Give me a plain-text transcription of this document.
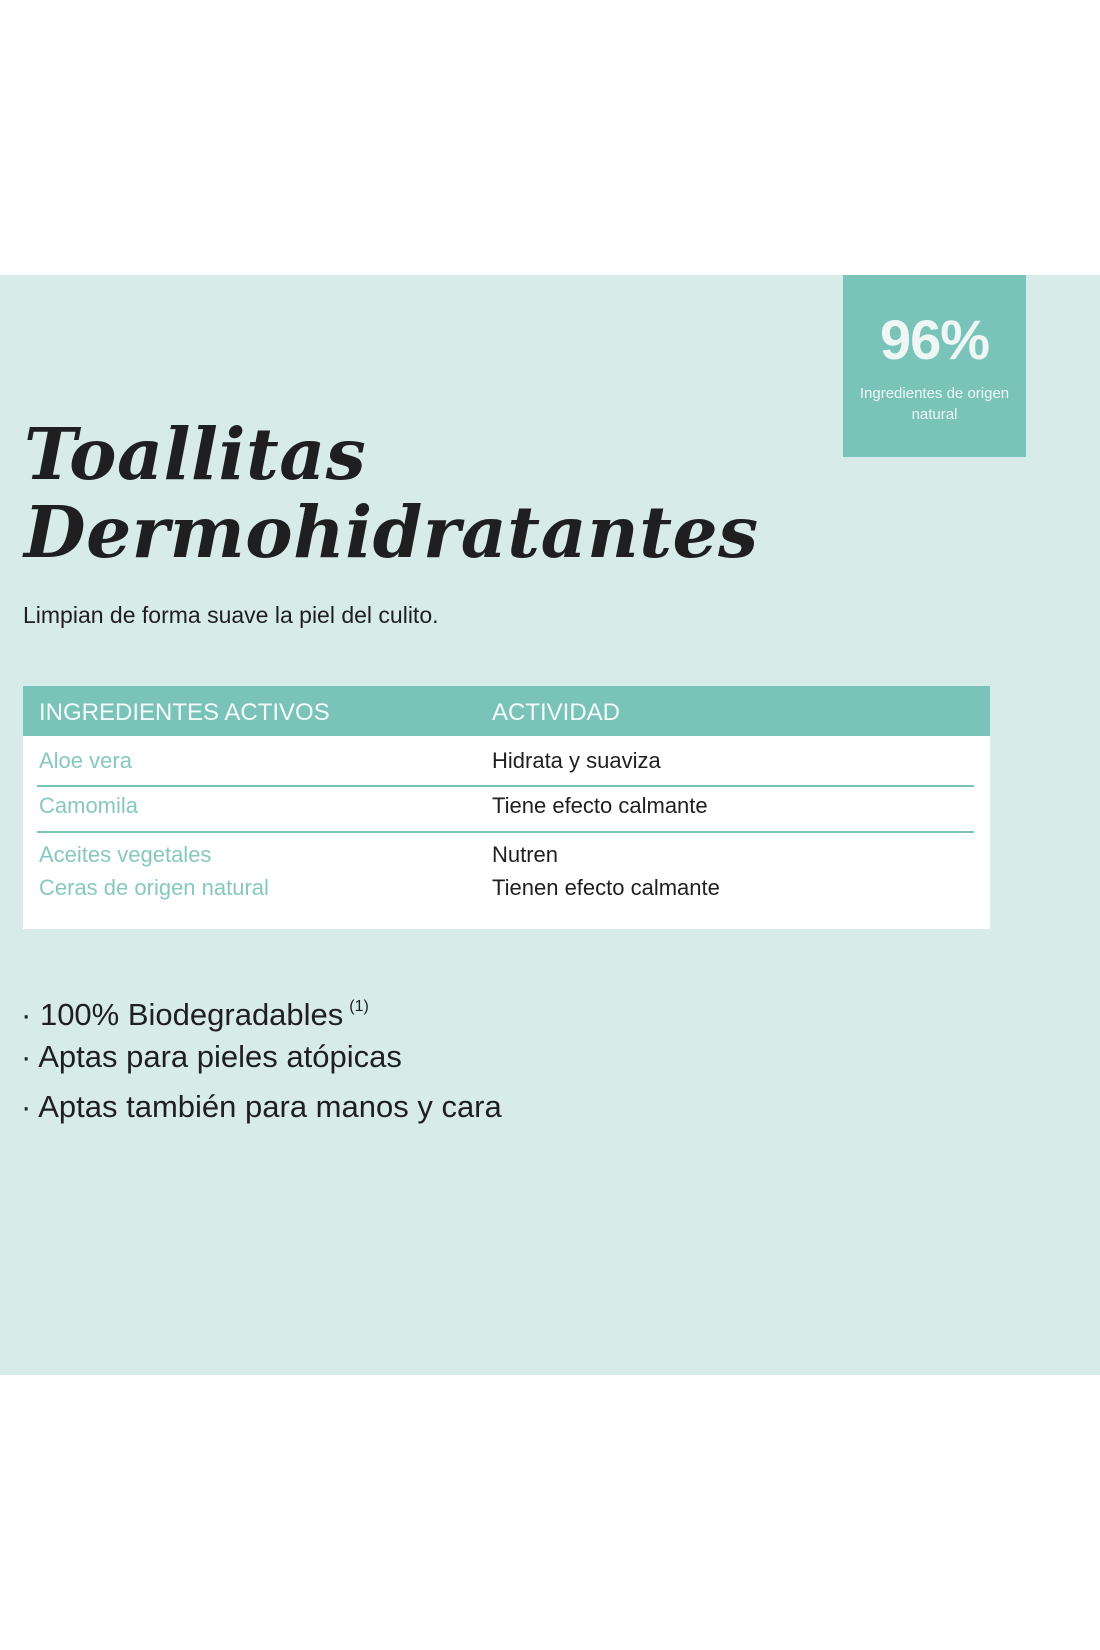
96%
Ingredientes de origen natural
Toallitas
Dermohidratantes

Limpian de forma suave la piel del culito.

INGREDIENTES ACTIVOS	ACTIVIDAD
Aloe vera	Hidrata y suaviza
Camomila	Tiene efecto calmante
Aceites vegetales	Nutren
Ceras de origen natural	Tienen efecto calmante
· 100% Biodegradables $^{(1)}$
· Aptas para pieles atópicas
· Aptas también para manos y cara
